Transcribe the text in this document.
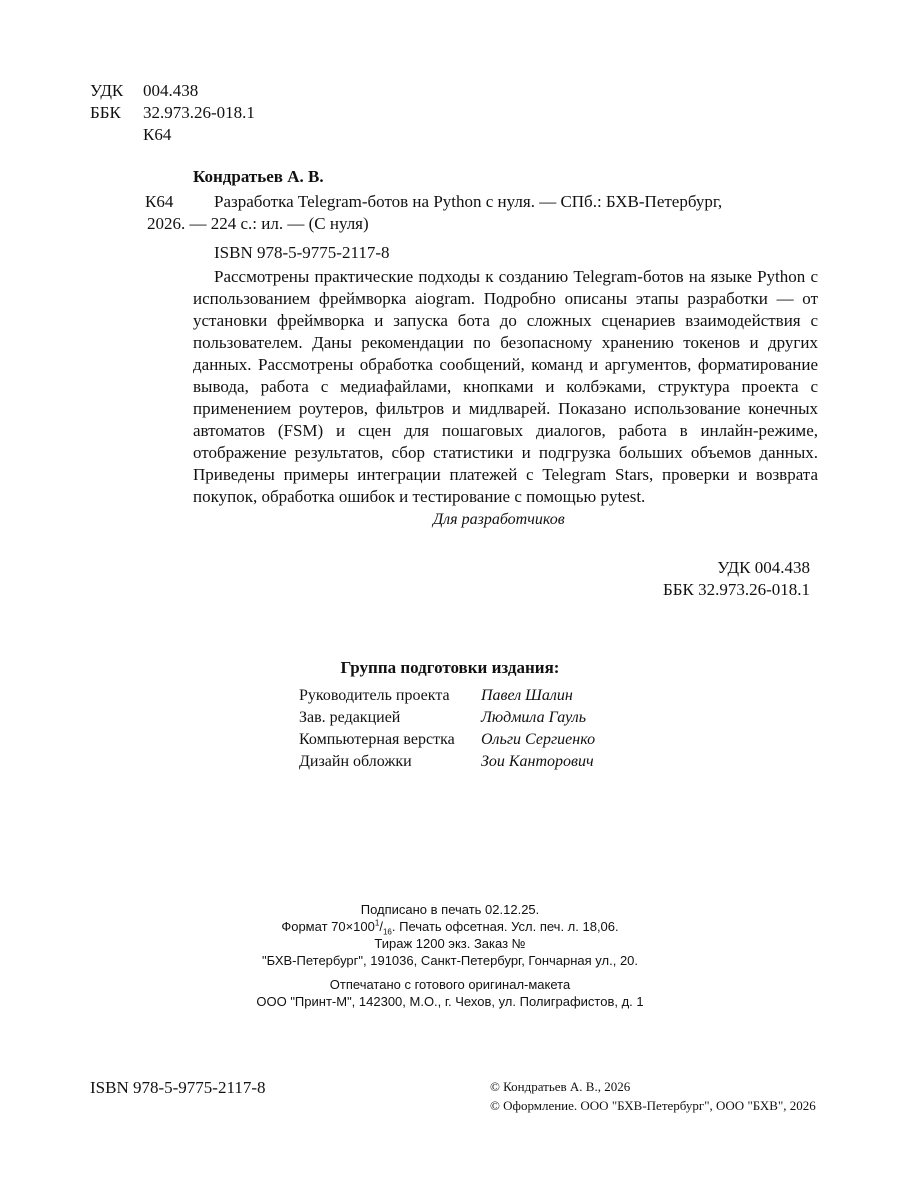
УДК	004.438
ББК	32.973.26-018.1
К64
Кондратьев А. В.
К64	Разработка Telegram-ботов на Python с нуля. — СПб.: БХВ-Петербург,
2026. — 224 с.: ил. — (С нуля)
ISBN 978-5-9775-2117-8
Рассмотрены практические подходы к созданию Telegram-ботов на языке Python с использованием фреймворка aiogram. Подробно описаны этапы разработки — от установки фреймворка и запуска бота до сложных сценариев взаимодействия с пользователем. Даны рекомендации по безопасному хранению токенов и других данных. Рассмотрены обработка сообщений, команд и аргументов, форматирование вывода, работа с медиафайлами, кнопками и колбэками, структура проекта с применением роутеров, фильтров и мидлварей. Показано использование конечных автоматов (FSM) и сцен для пошаговых диалогов, работа в инлайн-режиме, отображение результатов, сбор статистики и подгрузка больших объемов данных. Приведены примеры интеграции платежей с Telegram Stars, проверки и возврата покупок, обработка ошибок и тестирование с помощью pytest.
Для разработчиков
УДК 004.438
ББК 32.973.26-018.1
Группа подготовки издания:
Руководитель проекта	Павел Шалин
Зав. редакцией	Людмила Гауль
Компьютерная верстка	Ольги Сергиенко
Дизайн обложки	Зои Канторович
Подписано в печать 02.12.25.
Формат $70\times 100^1/_{16}$. Печать офсетная. Усл. печ. л. 18,06.
Тираж 1200 экз. Заказ №
"БХВ-Петербург", 191036, Санкт-Петербург, Гончарная ул., 20.
Отпечатано с готового оригинал-макета
ООО "Принт-М", 142300, М.О., г. Чехов, ул. Полиграфистов, д. 1
ISBN 978-5-9775-2117-8	© Кондратьев А. В., 2026
© Оформление. ООО "БХВ-Петербург", ООО "БХВ", 2026
